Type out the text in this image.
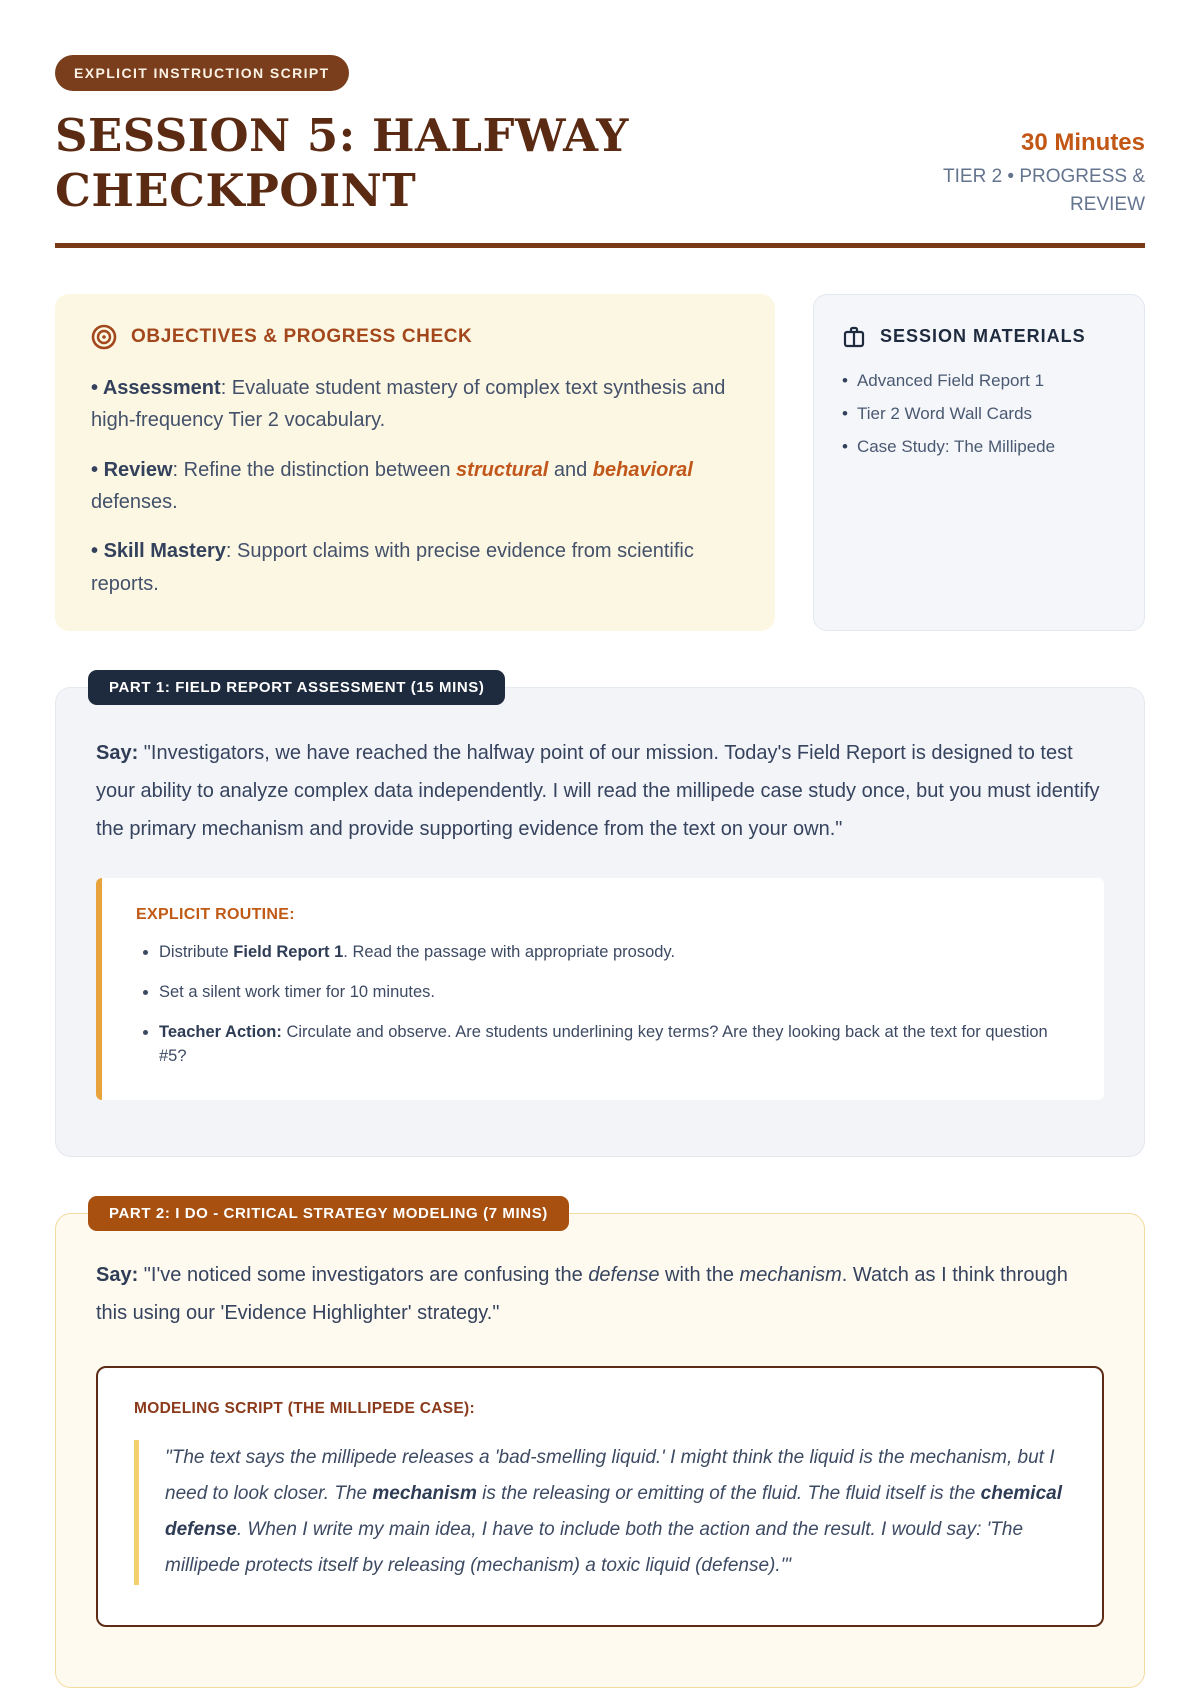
EXPLICIT INSTRUCTION SCRIPT
SESSION 5: HALFWAY
CHECKPOINT
30 Minutes
TIER 2 • PROGRESS & REVIEW
OBJECTIVES & PROGRESS CHECK

• Assessment: Evaluate student mastery of complex text synthesis and high-frequency Tier 2 vocabulary.

• Review: Refine the distinction between structural and behavioral defenses.

• Skill Mastery: Support claims with precise evidence from scientific reports.

SESSION MATERIALS
• Advanced Field Report 1
• Tier 2 Word Wall Cards
• Case Study: The Millipede
PART 1: FIELD REPORT ASSESSMENT (15 MINS)

Say: "Investigators, we have reached the halfway point of our mission. Today's Field Report is designed to test your ability to analyze complex data independently. I will read the millipede case study once, but you must identify the primary mechanism and provide supporting evidence from the text on your own."

EXPLICIT ROUTINE:
• Distribute Field Report 1. Read the passage with appropriate prosody.
• Set a silent work timer for 10 minutes.
• Teacher Action: Circulate and observe. Are students underlining key terms? Are they looking back at the text for question #5?
PART 2: I DO - CRITICAL STRATEGY MODELING (7 MINS)

Say: "I've noticed some investigators are confusing the defense with the mechanism. Watch as I think through this using our 'Evidence Highlighter' strategy."

MODELING SCRIPT (THE MILLIPEDE CASE):
"The text says the millipede releases a 'bad-smelling liquid.' I might think the liquid is the mechanism, but I need to look closer. The mechanism is the releasing or emitting of the fluid. The fluid itself is the chemical defense. When I write my main idea, I have to include both the action and the result. I would say: 'The millipede protects itself by releasing (mechanism) a toxic liquid (defense).'"
